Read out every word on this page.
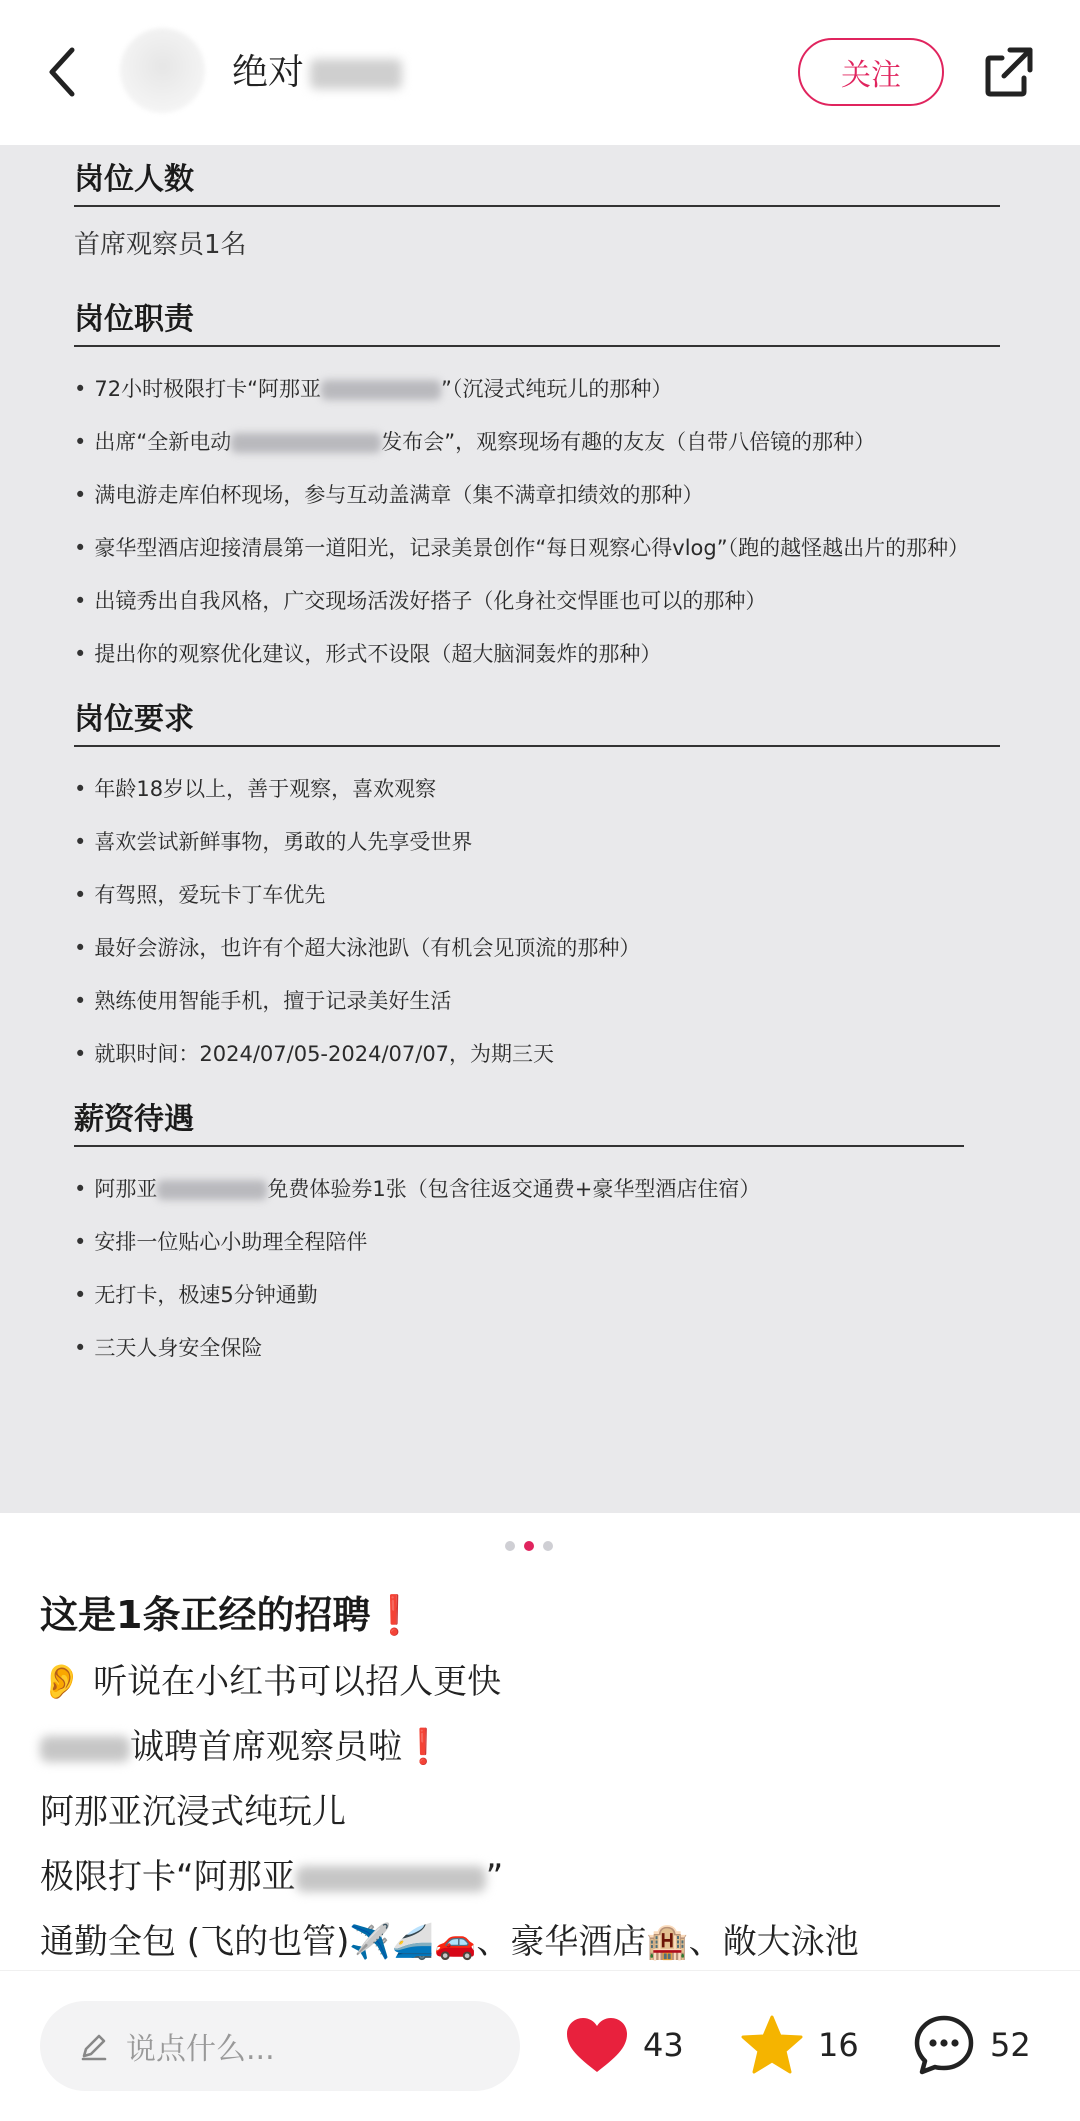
绝对	关注
岗位人数
首席观察员1名
岗位职责
• 72小时极限打卡“阿那亚	”（沉浸式纯玩儿的那种）
• 出席“全新电动	发布会”，观察现场有趣的友友（自带八倍镜的那种）
• 满电游走库伯杯现场，参与互动盖满章（集不满章扣绩效的那种）
• 豪华型酒店迎接清晨第一道阳光，记录美景创作“每日观察心得vlog”（跑的越怪越出片的那种）
• 出镜秀出自我风格，广交现场活泼好搭子（化身社交悍匪也可以的那种）
• 提出你的观察优化建议，形式不设限（超大脑洞轰炸的那种）
岗位要求
• 年龄18岁以上，善于观察，喜欢观察
• 喜欢尝试新鲜事物，勇敢的人先享受世界
• 有驾照，爱玩卡丁车优先
• 最好会游泳，也许有个超大泳池趴（有机会见顶流的那种）
• 熟练使用智能手机，擅于记录美好生活
• 就职时间：2024/07/05-2024/07/07，为期三天
薪资待遇
• 阿那亚	免费体验券1张（包含往返交通费+豪华型酒店住宿）
• 安排一位贴心小助理全程陪伴
• 无打卡，极速5分钟通勤
• 三天人身安全保险
这是1条正经的招聘❗
👂 听说在小红书可以招人更快
诚聘首席观察员啦❗
阿那亚沉浸式纯玩儿
极限打卡“阿那亚	”
通勤全包 (飞的也管)✈️🚄🚗、豪华酒店🏨、敞大泳池
说点什么...	43	16	52
